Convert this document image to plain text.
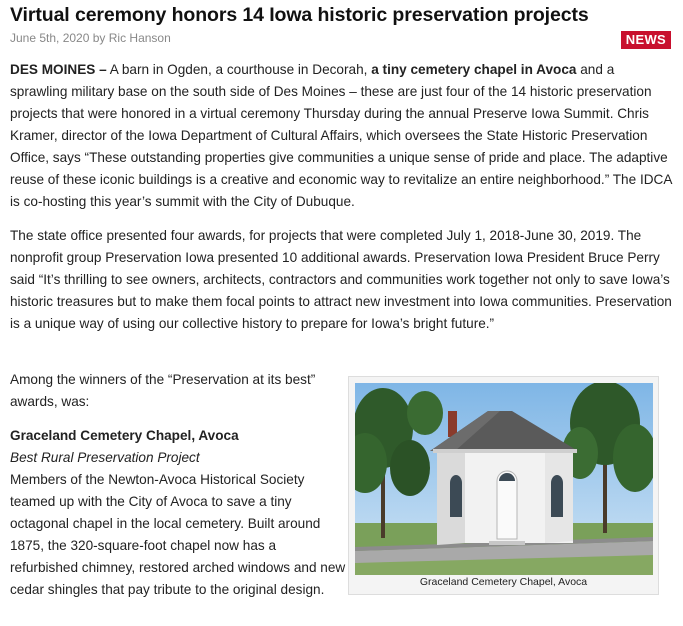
Virtual ceremony honors 14 Iowa historic preservation projects
June 5th, 2020 by Ric Hanson	NEWS

DES MOINES – A barn in Ogden, a courthouse in Decorah, a tiny cemetery chapel in Avoca and a sprawling military base on the south side of Des Moines – these are just four of the 14 historic preservation projects that were honored in a virtual ceremony Thursday during the annual Preserve Iowa Summit. Chris Kramer, director of the Iowa Department of Cultural Affairs, which oversees the State Historic Preservation Office, says “These outstanding properties give communities a unique sense of pride and place. The adaptive reuse of these iconic buildings is a creative and economic way to revitalize an entire neighborhood.” The IDCA is co-hosting this year’s summit with the City of Dubuque.

The state office presented four awards, for projects that were completed July 1, 2018-June 30, 2019. The nonprofit group Preservation Iowa presented 10 additional awards. Preservation Iowa President Bruce Perry said “It’s thrilling to see owners, architects, contractors and communities work together not only to save Iowa’s historic treasures but to make them focal points to attract new investment into Iowa communities. Preservation is a unique way of using our collective history to prepare for Iowa’s bright future.”

Among the winners of the “Preservation at its best” awards, was:
Graceland Cemetery Chapel, Avoca
Best Rural Preservation Project
Members of the Newton-Avoca Historical Society teamed up with the City of Avoca to save a tiny octagonal chapel in the local cemetery. Built around 1875, the 320-square-foot chapel now has a refurbished chimney, restored arched windows and new cedar shingles that pay tribute to the original design.	Graceland Cemetery Chapel, Avoca
